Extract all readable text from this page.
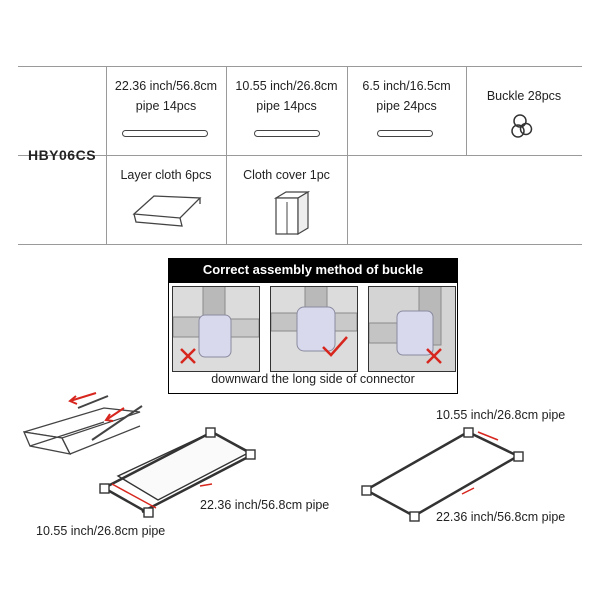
HBY06CS
22.36 inch/56.8cm
pipe 14pcs
10.55 inch/26.8cm
pipe 14pcs
6.5 inch/16.5cm
pipe 24pcs
Buckle 28pcs
Layer cloth 6pcs	Cloth cover 1pc
Correct assembly method of buckle
downward the long side of connector
22.36 inch/56.8cm pipe
10.55 inch/26.8cm pipe
10.55 inch/26.8cm pipe
22.36 inch/56.8cm pipe
